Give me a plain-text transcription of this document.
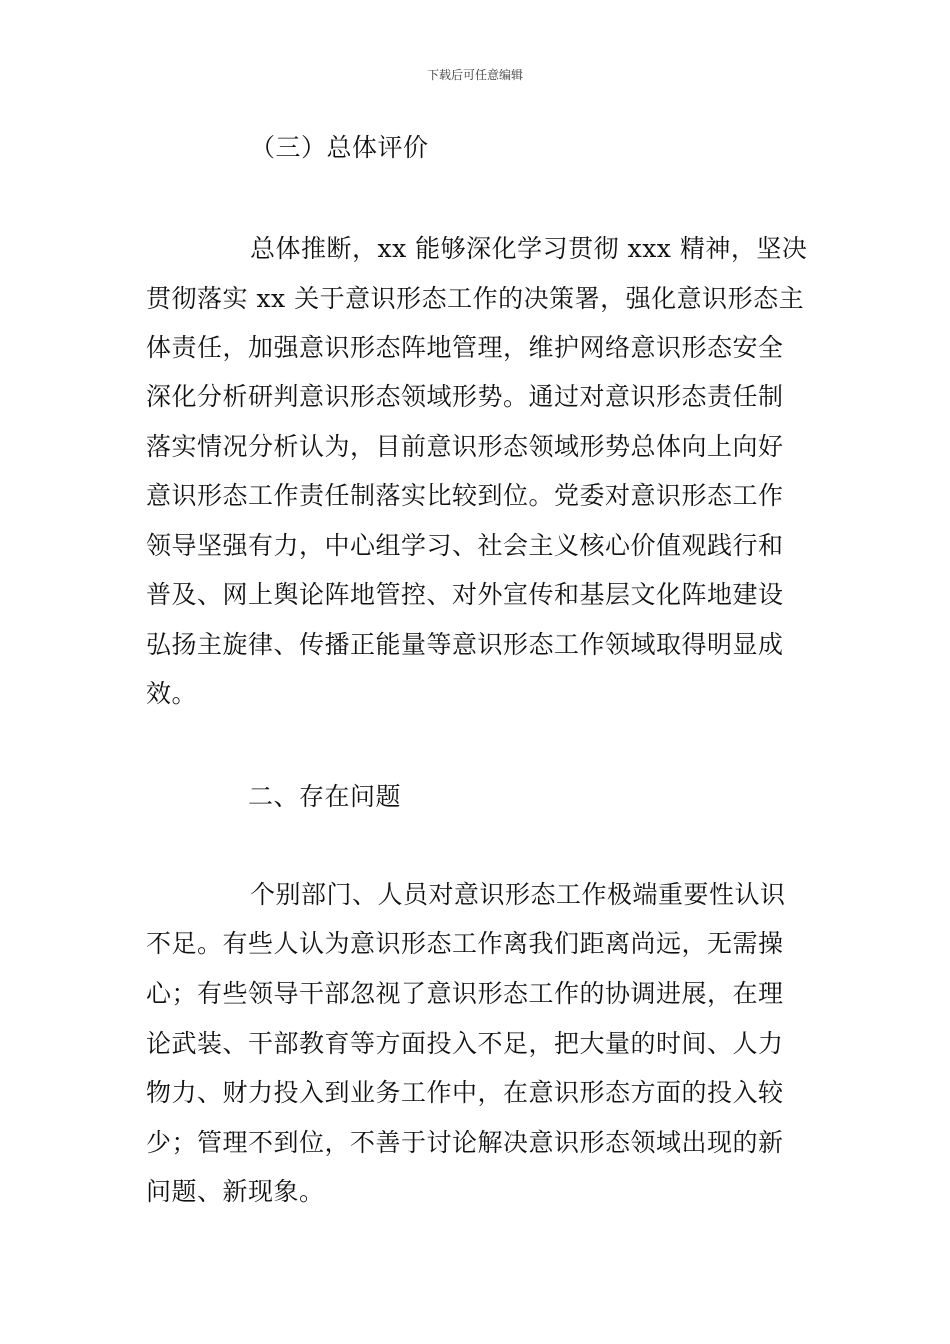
下载后可任意编辑
（三）总体评价
总体推断，xx 能够深化学习贯彻 xxx 精神，坚决
贯彻落实 xx 关于意识形态工作的决策署，强化意识形态主
体责任，加强意识形态阵地管理，维护网络意识形态安全
深化分析研判意识形态领域形势。通过对意识形态责任制
落实情况分析认为，目前意识形态领域形势总体向上向好
意识形态工作责任制落实比较到位。党委对意识形态工作
领导坚强有力，中心组学习、社会主义核心价值观践行和
普及、网上舆论阵地管控、对外宣传和基层文化阵地建设
弘扬主旋律、传播正能量等意识形态工作领域取得明显成
效。
二、存在问题
个别部门、人员对意识形态工作极端重要性认识
不足。有些人认为意识形态工作离我们距离尚远，无需操
心；有些领导干部忽视了意识形态工作的协调进展，在理
论武装、干部教育等方面投入不足，把大量的时间、人力
物力、财力投入到业务工作中，在意识形态方面的投入较
少；管理不到位，不善于讨论解决意识形态领域出现的新
问题、新现象。
